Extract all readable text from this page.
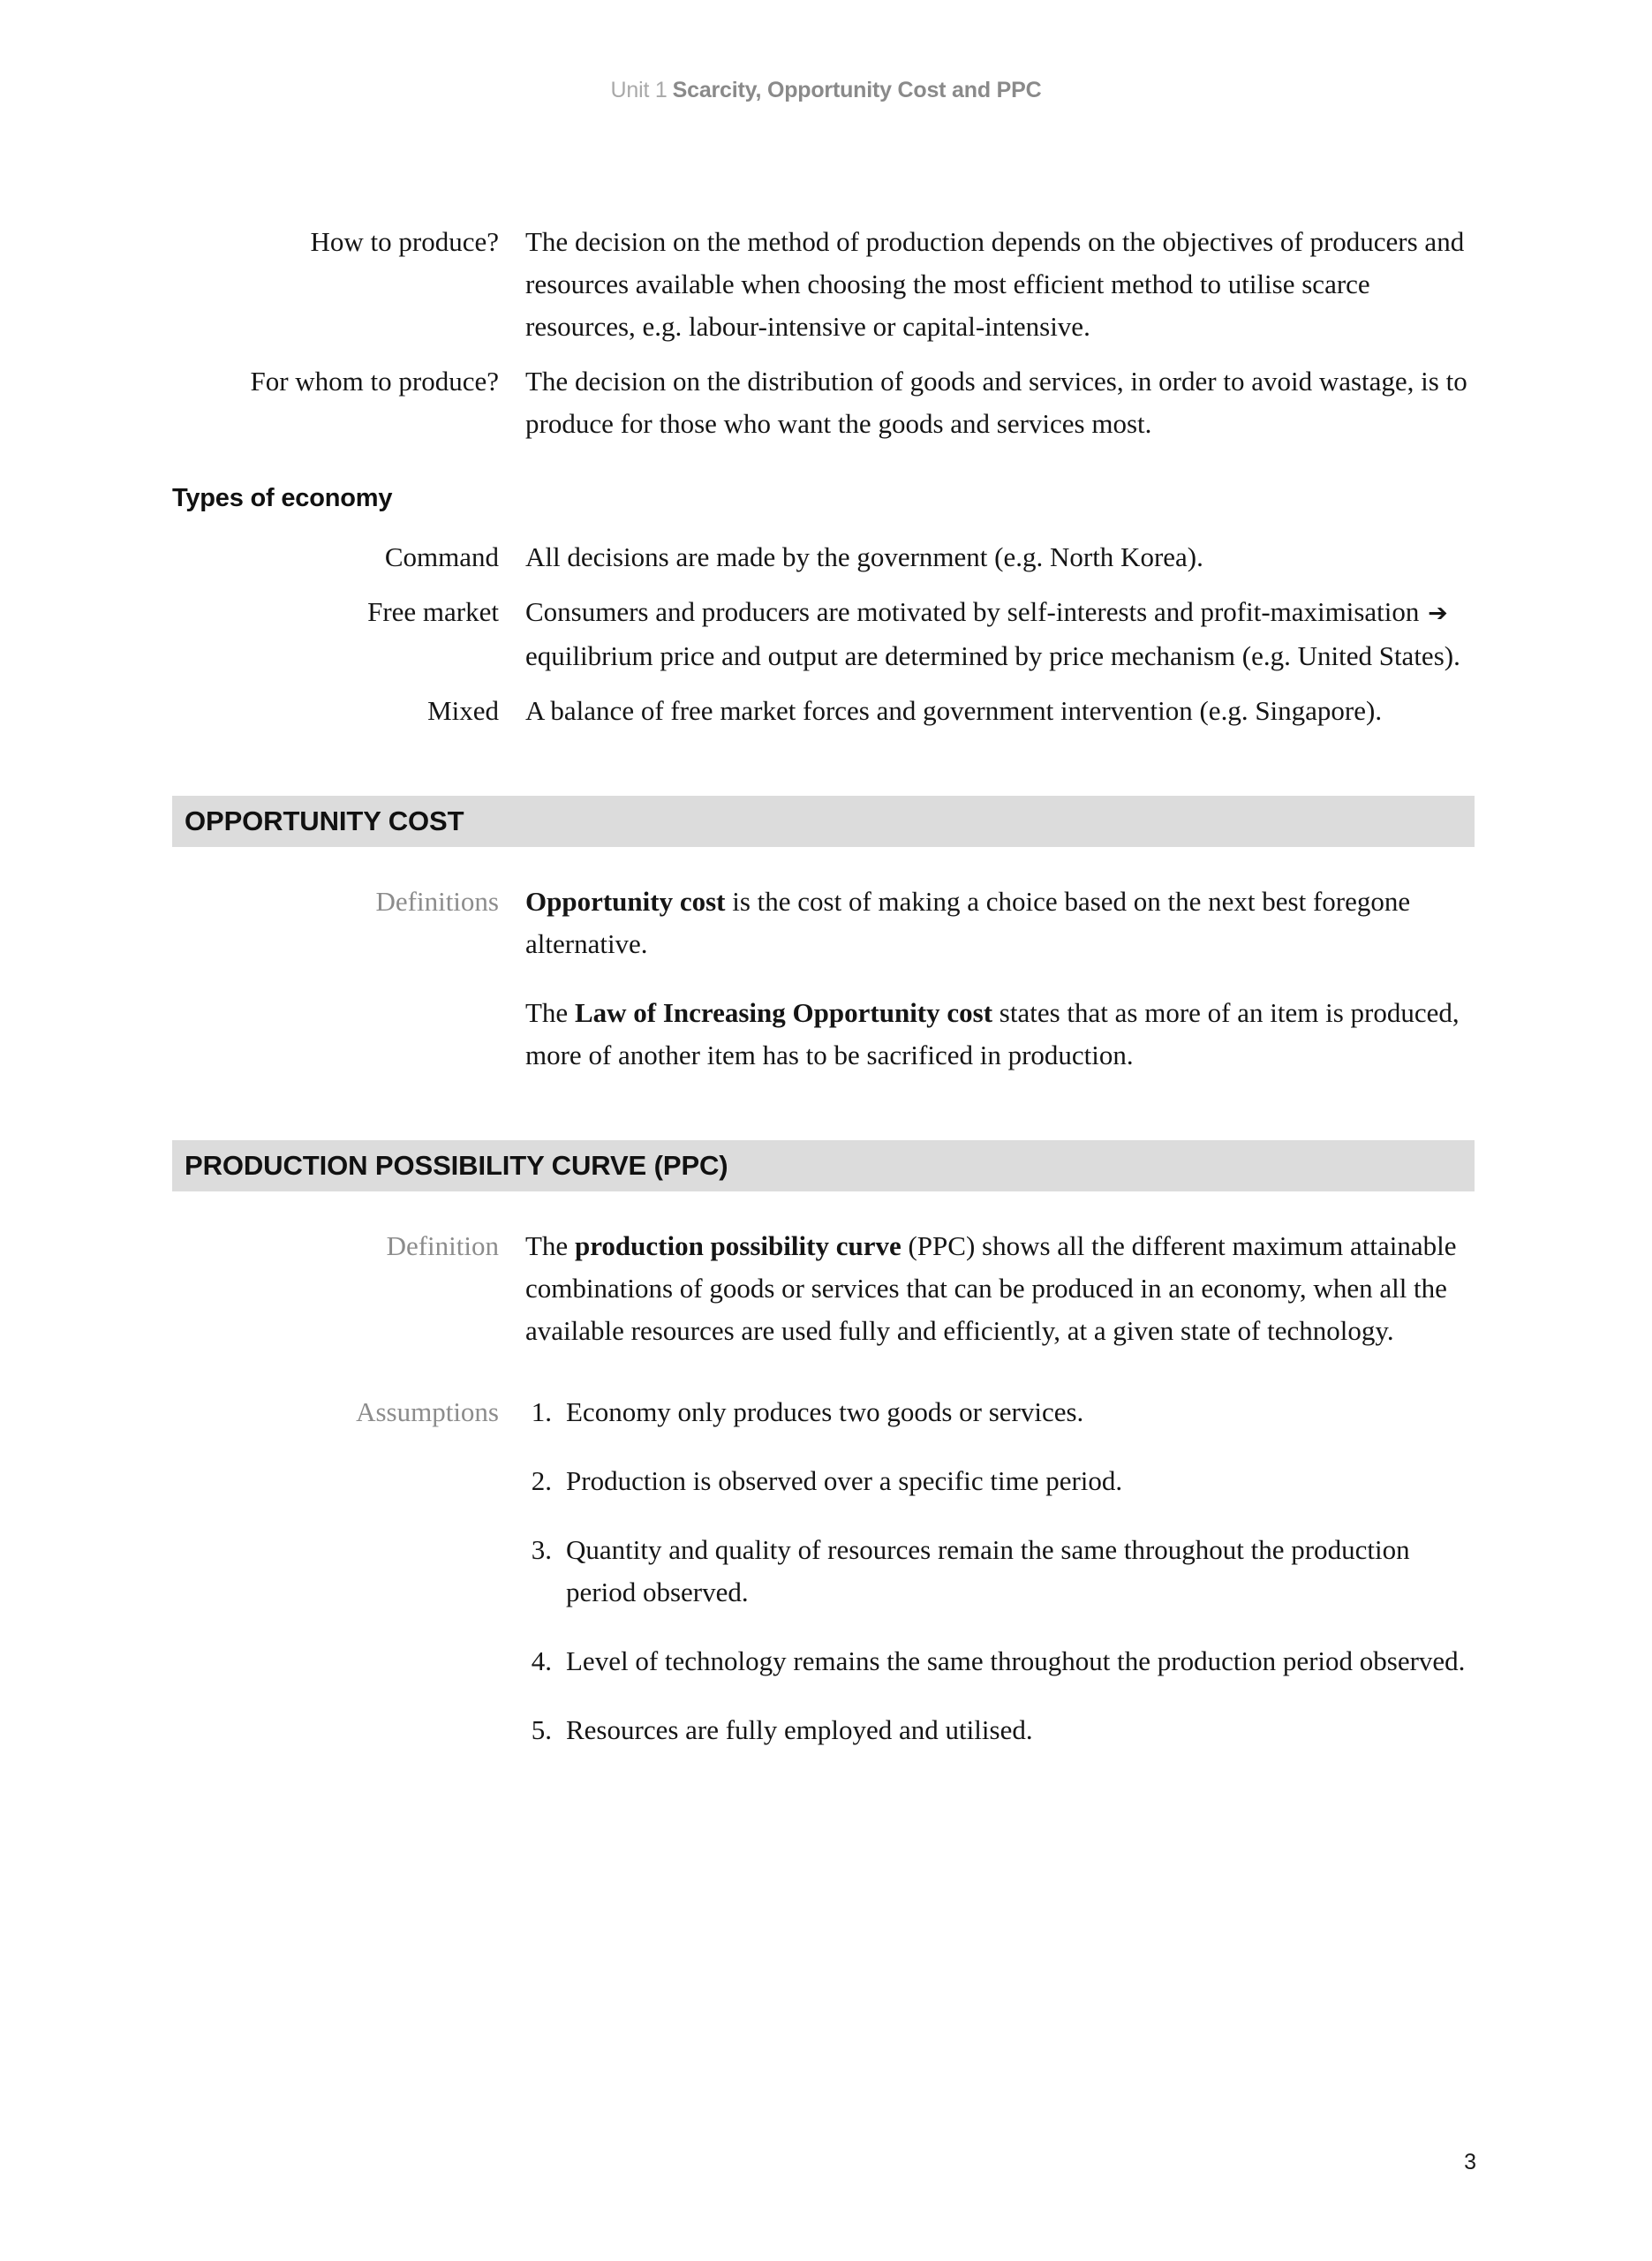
Unit 1 Scarcity, Opportunity Cost and PPC
How to produce? The decision on the method of production depends on the objectives of producers and resources available when choosing the most efficient method to utilise scarce resources, e.g. labour-intensive or capital-intensive.
For whom to produce? The decision on the distribution of goods and services, in order to avoid wastage, is to produce for those who want the goods and services most.
Types of economy
Command All decisions are made by the government (e.g. North Korea).
Free market Consumers and producers are motivated by self-interests and profit-maximisation ➔ equilibrium price and output are determined by price mechanism (e.g. United States).
Mixed A balance of free market forces and government intervention (e.g. Singapore).
OPPORTUNITY COST
Definitions Opportunity cost is the cost of making a choice based on the next best foregone alternative.

The Law of Increasing Opportunity cost states that as more of an item is produced, more of another item has to be sacrificed in production.

PRODUCTION POSSIBILITY CURVE (PPC)
Definition The production possibility curve (PPC) shows all the different maximum attainable combinations of goods or services that can be produced in an economy, when all the available resources are used fully and efficiently, at a given state of technology.
Assumptions	1. Economy only produces two goods or services.
2. Production is observed over a specific time period.
3. Quantity and quality of resources remain the same throughout the production period observed.
4. Level of technology remains the same throughout the production period observed.
5. Resources are fully employed and utilised.
3
